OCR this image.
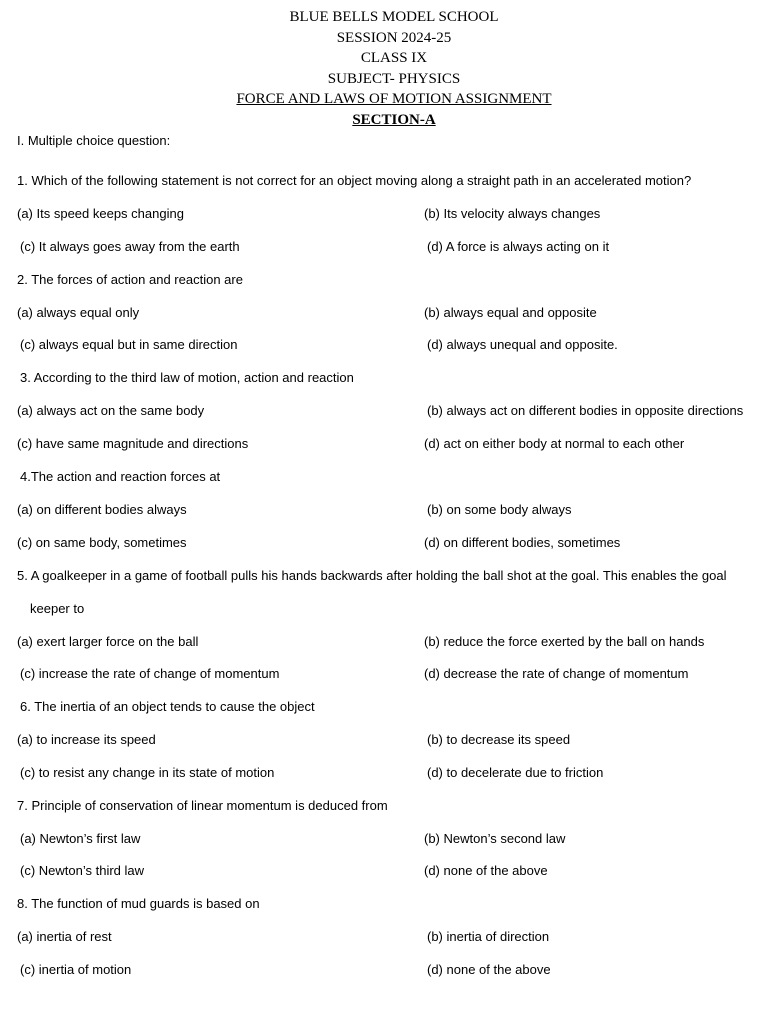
BLUE BELLS MODEL SCHOOL
SESSION 2024-25
CLASS IX
SUBJECT- PHYSICS
FORCE AND LAWS OF MOTION ASSIGNMENT
SECTION-A
I. Multiple choice question:
1. Which of the following statement is not correct for an object moving along a straight path in an accelerated motion?
(a) Its speed keeps changing	(b) Its velocity always changes
(c) It always goes away from the earth	(d) A force is always acting on it
2. The forces of action and reaction are
(a) always equal only	(b) always equal and opposite
(c) always equal but in same direction	(d) always unequal and opposite.
3. According to the third law of motion, action and reaction
(a) always act on the same body	(b) always act on different bodies in opposite directions
(c) have same magnitude and directions	(d) act on either body at normal to each other
4.The action and reaction forces at
(a) on different bodies always	(b) on some body always
(c) on same body, sometimes	(d) on different bodies, sometimes
5. A goalkeeper in a game of football pulls his hands backwards after holding the ball shot at the goal. This enables the goal
keeper to
(a) exert larger force on the ball	(b) reduce the force exerted by the ball on hands
(c) increase the rate of change of momentum	(d) decrease the rate of change of momentum
6. The inertia of an object tends to cause the object
(a) to increase its speed	(b) to decrease its speed
(c) to resist any change in its state of motion	(d) to decelerate due to friction
7. Principle of conservation of linear momentum is deduced from
(a) Newton’s first law	(b) Newton’s second law
(c) Newton’s third law	(d) none of the above
8. The function of mud guards is based on
(a) inertia of rest	(b) inertia of direction
(c) inertia of motion	(d) none of the above
